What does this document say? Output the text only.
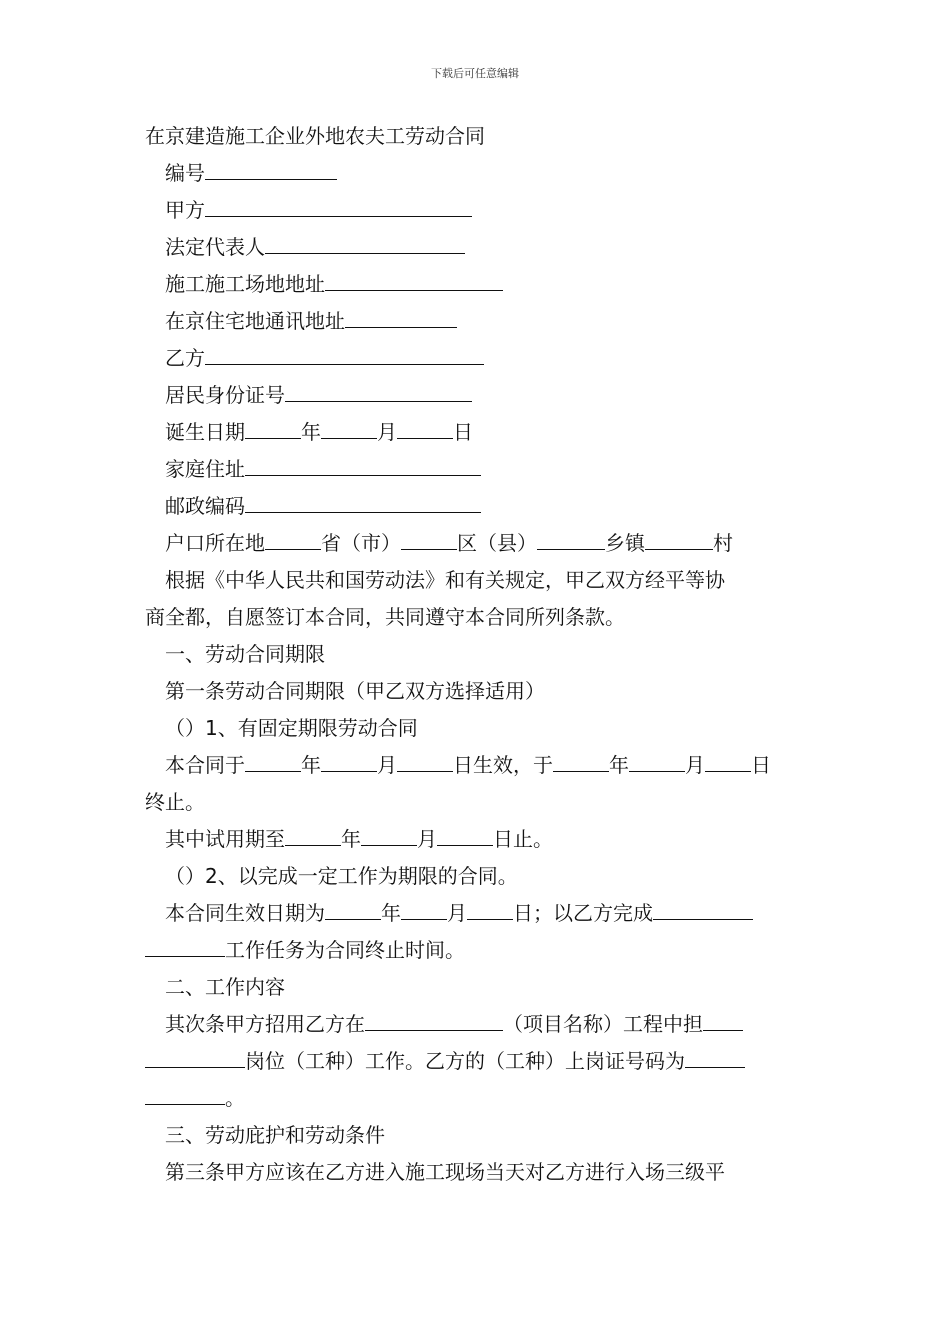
下载后可任意编辑
在京建造施工企业外地农夫工劳动合同
编号
甲方
法定代表人
施工施工场地地址
在京住宅地通讯地址
乙方
居民身份证号
诞生日期	年	月	日
家庭住址
邮政编码
户口所在地	省（市）	区（县）	乡镇	村
根据《中华人民共和国劳动法》和有关规定，甲乙双方经平等协
商全都，自愿签订本合同，共同遵守本合同所列条款。
一、劳动合同期限
第一条劳动合同期限（甲乙双方选择适用）
（）1、有固定期限劳动合同
本合同于	年	月	日生效，于	年	月 日
终止。
其中试用期至	年	月	日止。
（）2、以完成一定工作为期限的合同。
本合同生效日期为	年 月 日；以乙方完成
工作任务为合同终止时间。
二、工作内容
其次条甲方招用乙方在	（项目名称）工程中担
岗位（工种）工作。乙方的（工种）上岗证号码为
。
三、劳动庇护和劳动条件
第三条甲方应该在乙方进入施工现场当天对乙方进行入场三级平
